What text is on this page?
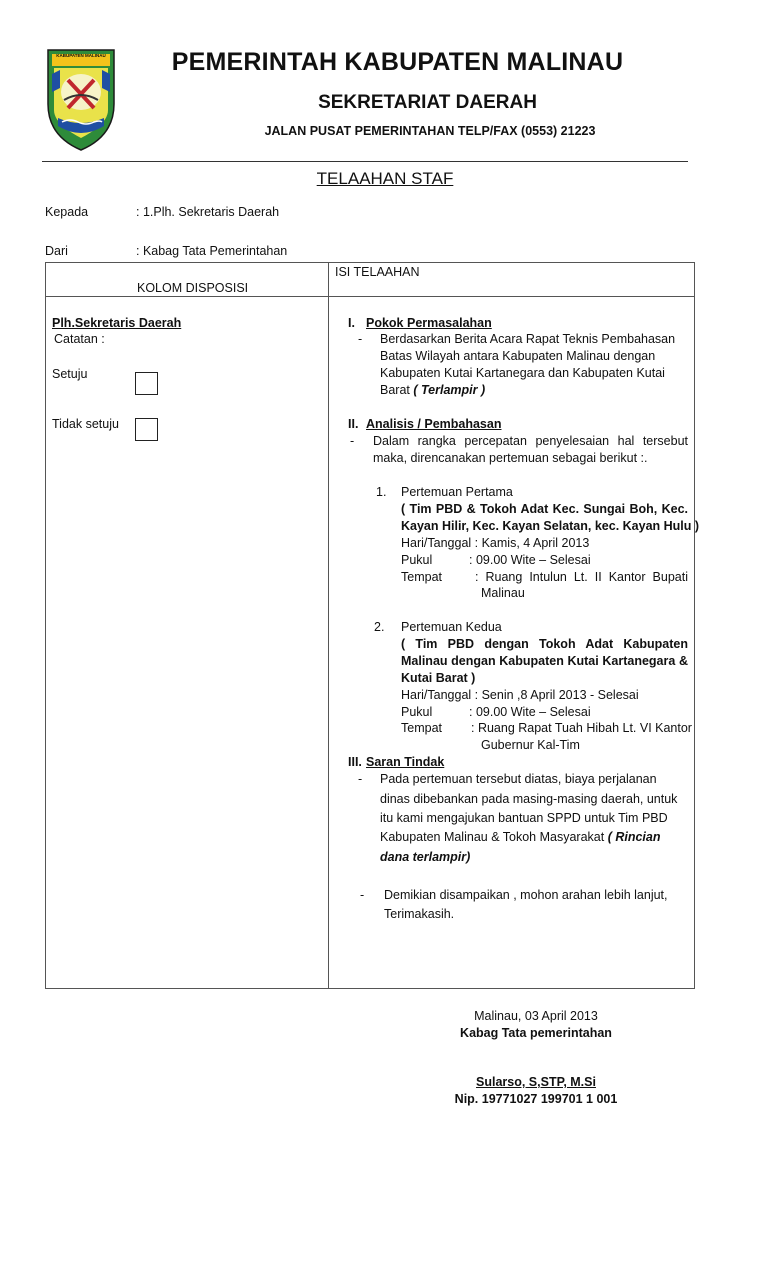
KABUPATEN MALINAU	PEMERINTAH KABUPATEN MALINAU
SEKRETARIAT DAERAH
JALAN PUSAT PEMERINTAHAN TELP/FAX (0553) 21223
TELAAHAN STAF
Kepada	: 1.Plh. Sekretaris Daerah
Dari	: Kabag Tata Pemerintahan
KOLOM DISPOSISI
ISI TELAAHAN
Plh.Sekretaris Daerah
Catatan :
Setuju
Tidak setuju
I. Pokok Permasalahan
- Berdasarkan Berita Acara Rapat Teknis Pembahasan
Batas Wilayah antara Kabupaten Malinau dengan
Kabupaten Kutai Kartanegara dan Kabupaten Kutai
Barat ( Terlampir )
II. Analisis / Pembahasan
- Dalam rangka percepatan penyelesaian hal tersebut
maka, direncanakan pertemuan sebagai berikut :.
1. Pertemuan Pertama
( Tim PBD & Tokoh Adat Kec. Sungai Boh, Kec.
Kayan Hilir, Kec. Kayan Selatan, kec. Kayan Hulu )
Hari/Tanggal : Kamis, 4 April 2013
Pukul	: 09.00 Wite – Selesai
Tempat	: Ruang Intulun Lt. II Kantor Bupati
Malinau
2. Pertemuan Kedua
( Tim PBD dengan Tokoh Adat Kabupaten
Malinau dengan Kabupaten Kutai Kartanegara &
Kutai Barat )
Hari/Tanggal : Senin ,8 April 2013 - Selesai
Pukul	: 09.00 Wite – Selesai
Tempat : Ruang Rapat Tuah Hibah Lt. VI Kantor
Gubernur Kal-Tim
III. Saran Tindak
- Pada pertemuan tersebut diatas, biaya perjalanan
dinas dibebankan pada masing-masing daerah, untuk
itu kami mengajukan bantuan SPPD untuk Tim PBD
Kabupaten Malinau & Tokoh Masyarakat ( Rincian
dana terlampir)
- Demikian disampaikan , mohon arahan lebih lanjut,
Terimakasih.
Malinau, 03 April 2013
Kabag Tata pemerintahan
Sularso, S,STP, M.Si
Nip. 19771027 199701 1 001
